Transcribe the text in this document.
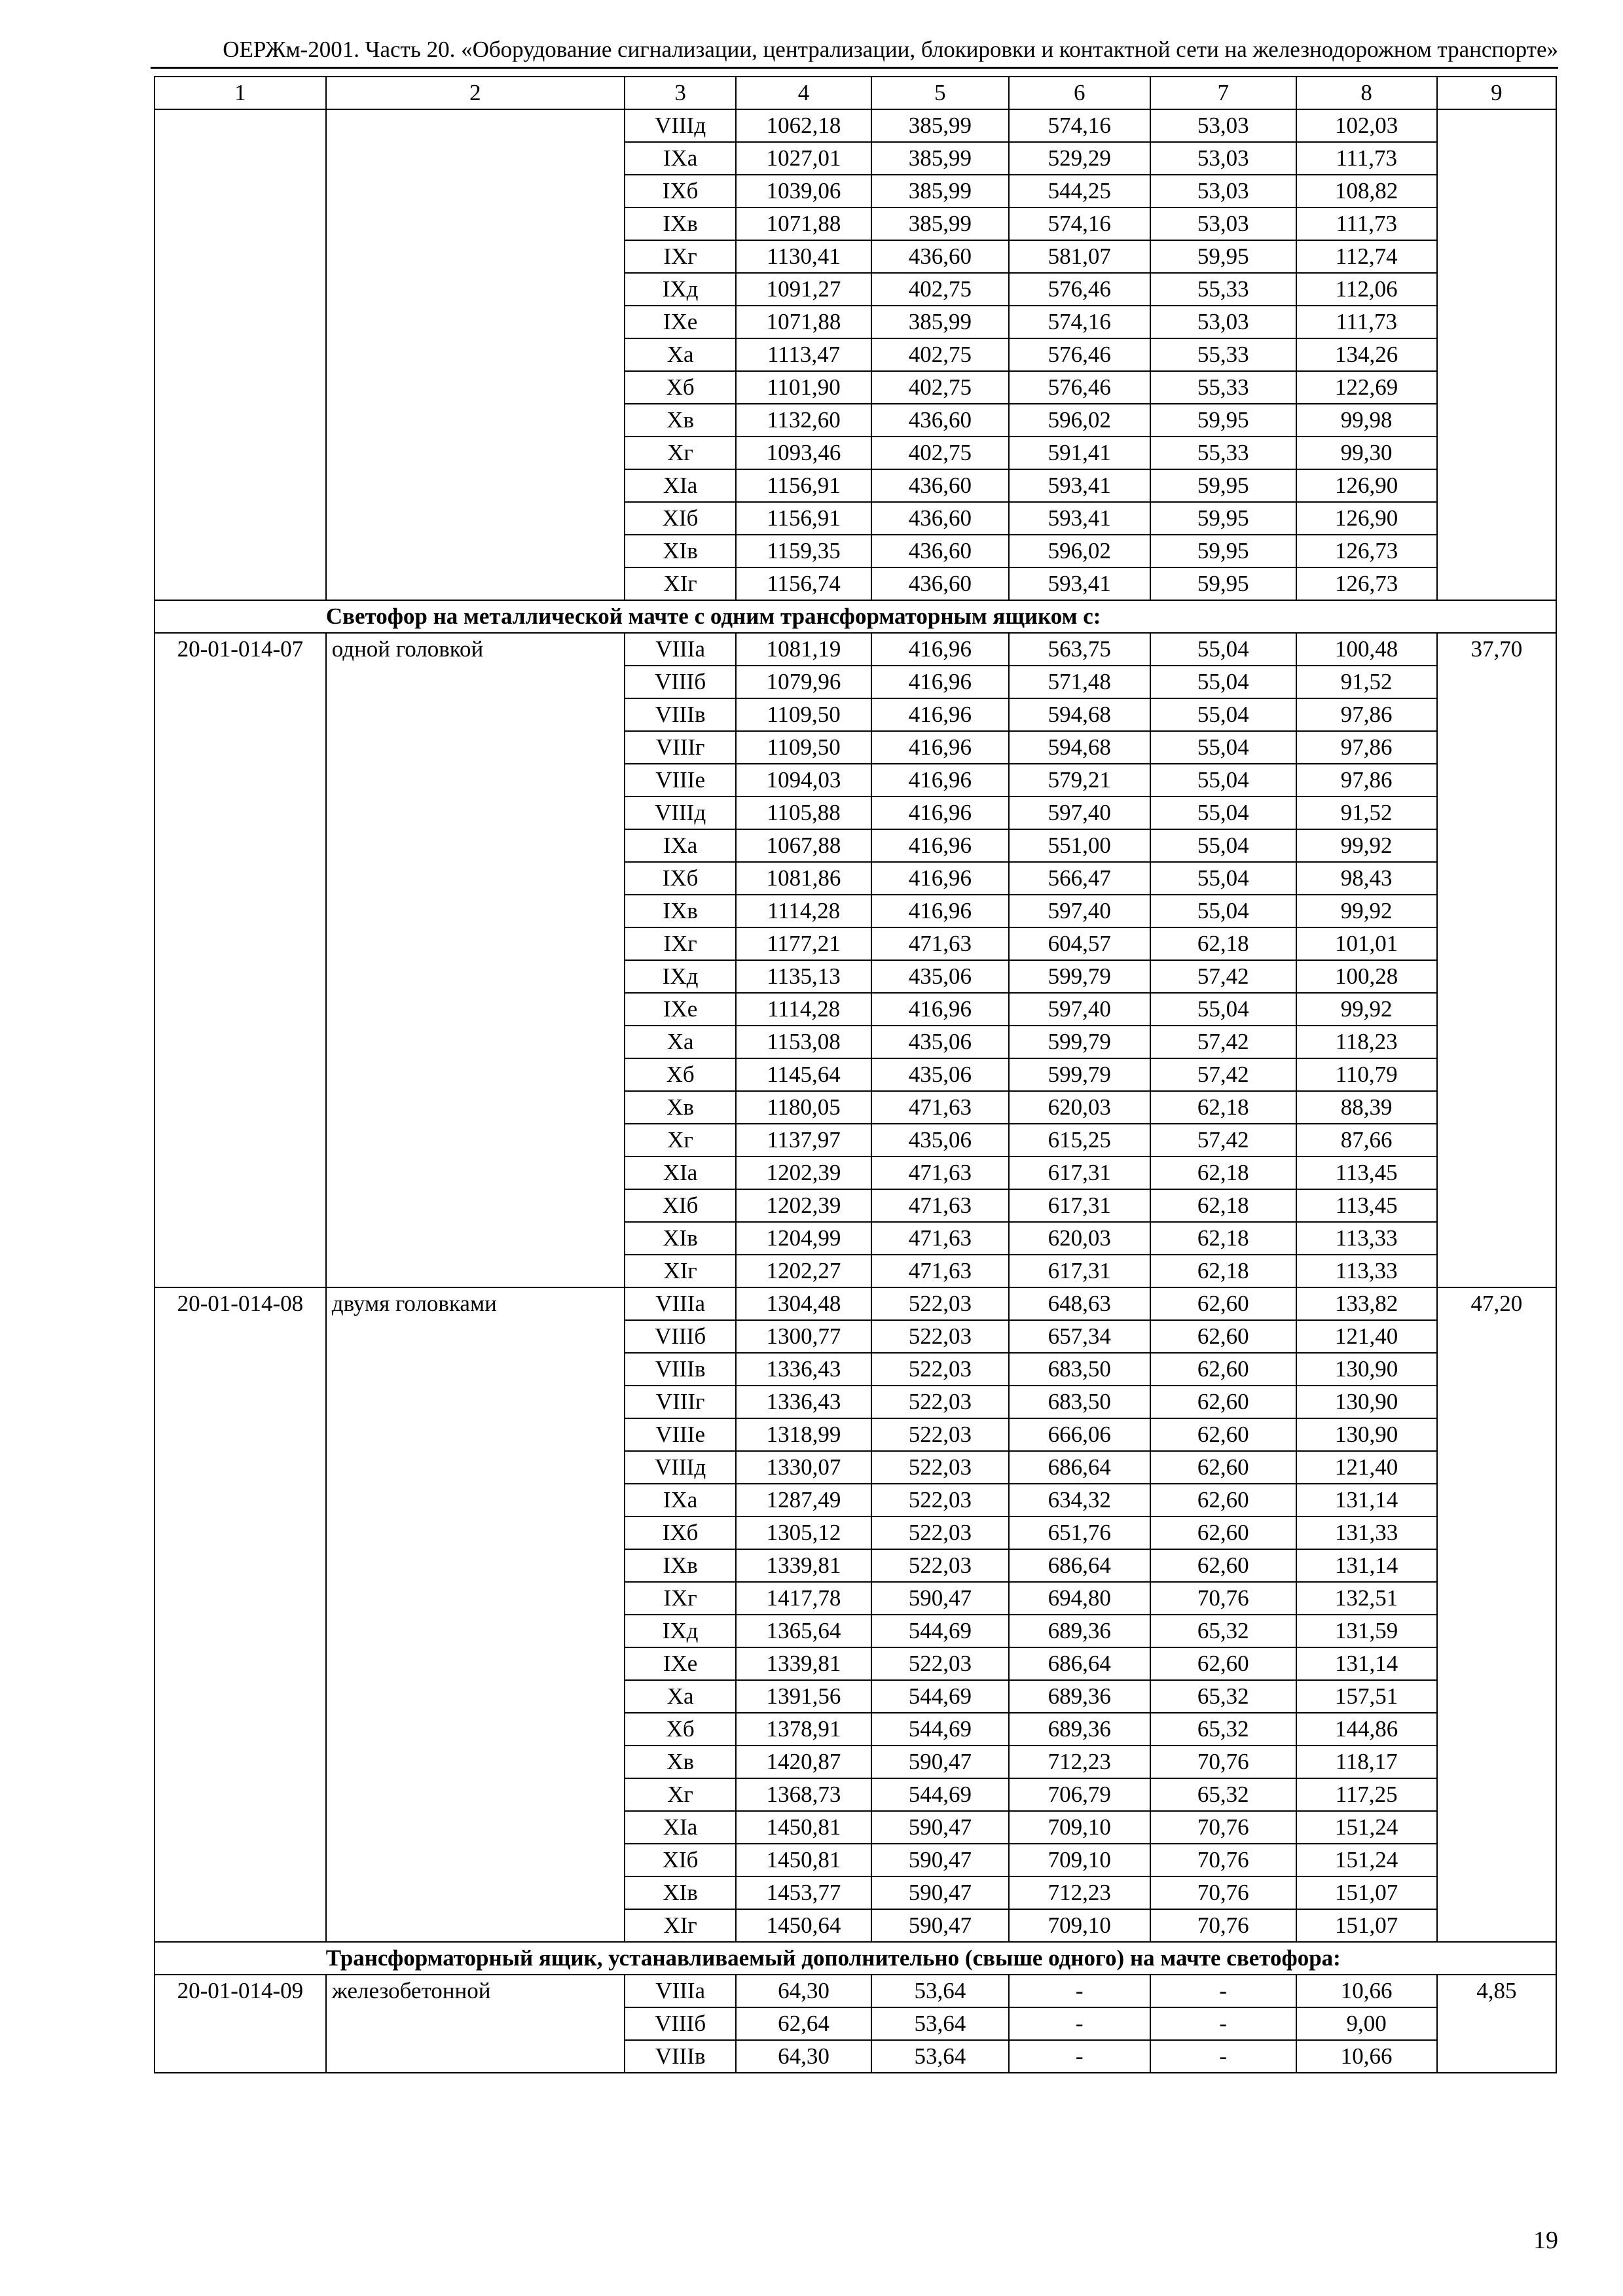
ОЕРЖм-2001. Часть 20. «Оборудование сигнализации, централизации, блокировки и контактной сети на железнодорожном транспорте»
1	2	3	4	5	6	7	8	9
		VIIIд	1062,18	385,99	574,16	53,03	102,03	
		IXа	1027,01	385,99	529,29	53,03	111,73	
		IXб	1039,06	385,99	544,25	53,03	108,82	
		IXв	1071,88	385,99	574,16	53,03	111,73	
		IXг	1130,41	436,60	581,07	59,95	112,74	
		IXд	1091,27	402,75	576,46	55,33	112,06	
		IXе	1071,88	385,99	574,16	53,03	111,73	
		Xа	1113,47	402,75	576,46	55,33	134,26	
		Xб	1101,90	402,75	576,46	55,33	122,69	
		Xв	1132,60	436,60	596,02	59,95	99,98	
		Xг	1093,46	402,75	591,41	55,33	99,30	
		XIа	1156,91	436,60	593,41	59,95	126,90	
		XIб	1156,91	436,60	593,41	59,95	126,90	
		XIв	1159,35	436,60	596,02	59,95	126,73	
		XIг	1156,74	436,60	593,41	59,95	126,73	
	Светофор на металлической мачте с одним трансформаторным ящиком с:							
20-01-014-07	одной головкой	VIIIа	1081,19	416,96	563,75	55,04	100,48	37,70
		VIIIб	1079,96	416,96	571,48	55,04	91,52	
		VIIIв	1109,50	416,96	594,68	55,04	97,86	
		VIIIг	1109,50	416,96	594,68	55,04	97,86	
		VIIIе	1094,03	416,96	579,21	55,04	97,86	
		VIIIд	1105,88	416,96	597,40	55,04	91,52	
		IXа	1067,88	416,96	551,00	55,04	99,92	
		IXб	1081,86	416,96	566,47	55,04	98,43	
		IXв	1114,28	416,96	597,40	55,04	99,92	
		IXг	1177,21	471,63	604,57	62,18	101,01	
		IXд	1135,13	435,06	599,79	57,42	100,28	
		IXе	1114,28	416,96	597,40	55,04	99,92	
		Xа	1153,08	435,06	599,79	57,42	118,23	
		Xб	1145,64	435,06	599,79	57,42	110,79	
		Xв	1180,05	471,63	620,03	62,18	88,39	
		Xг	1137,97	435,06	615,25	57,42	87,66	
		XIа	1202,39	471,63	617,31	62,18	113,45	
		XIб	1202,39	471,63	617,31	62,18	113,45	
		XIв	1204,99	471,63	620,03	62,18	113,33	
		XIг	1202,27	471,63	617,31	62,18	113,33	
20-01-014-08	двумя головками	VIIIа	1304,48	522,03	648,63	62,60	133,82	47,20
		VIIIб	1300,77	522,03	657,34	62,60	121,40	
		VIIIв	1336,43	522,03	683,50	62,60	130,90	
		VIIIг	1336,43	522,03	683,50	62,60	130,90	
		VIIIе	1318,99	522,03	666,06	62,60	130,90	
		VIIIд	1330,07	522,03	686,64	62,60	121,40	
		IXа	1287,49	522,03	634,32	62,60	131,14	
		IXб	1305,12	522,03	651,76	62,60	131,33	
		IXв	1339,81	522,03	686,64	62,60	131,14	
		IXг	1417,78	590,47	694,80	70,76	132,51	
		IXд	1365,64	544,69	689,36	65,32	131,59	
		IXе	1339,81	522,03	686,64	62,60	131,14	
		Xа	1391,56	544,69	689,36	65,32	157,51	
		Xб	1378,91	544,69	689,36	65,32	144,86	
		Xв	1420,87	590,47	712,23	70,76	118,17	
		Xг	1368,73	544,69	706,79	65,32	117,25	
		XIа	1450,81	590,47	709,10	70,76	151,24	
		XIб	1450,81	590,47	709,10	70,76	151,24	
		XIв	1453,77	590,47	712,23	70,76	151,07	
		XIг	1450,64	590,47	709,10	70,76	151,07	
	Трансформаторный ящик, устанавливаемый дополнительно (свыше одного) на мачте светофора:							
20-01-014-09	железобетонной	VIIIа	64,30	53,64	-	-	10,66	4,85
		VIIIб	62,64	53,64	-	-	9,00	
		VIIIв	64,30	53,64	-	-	10,66	
19
